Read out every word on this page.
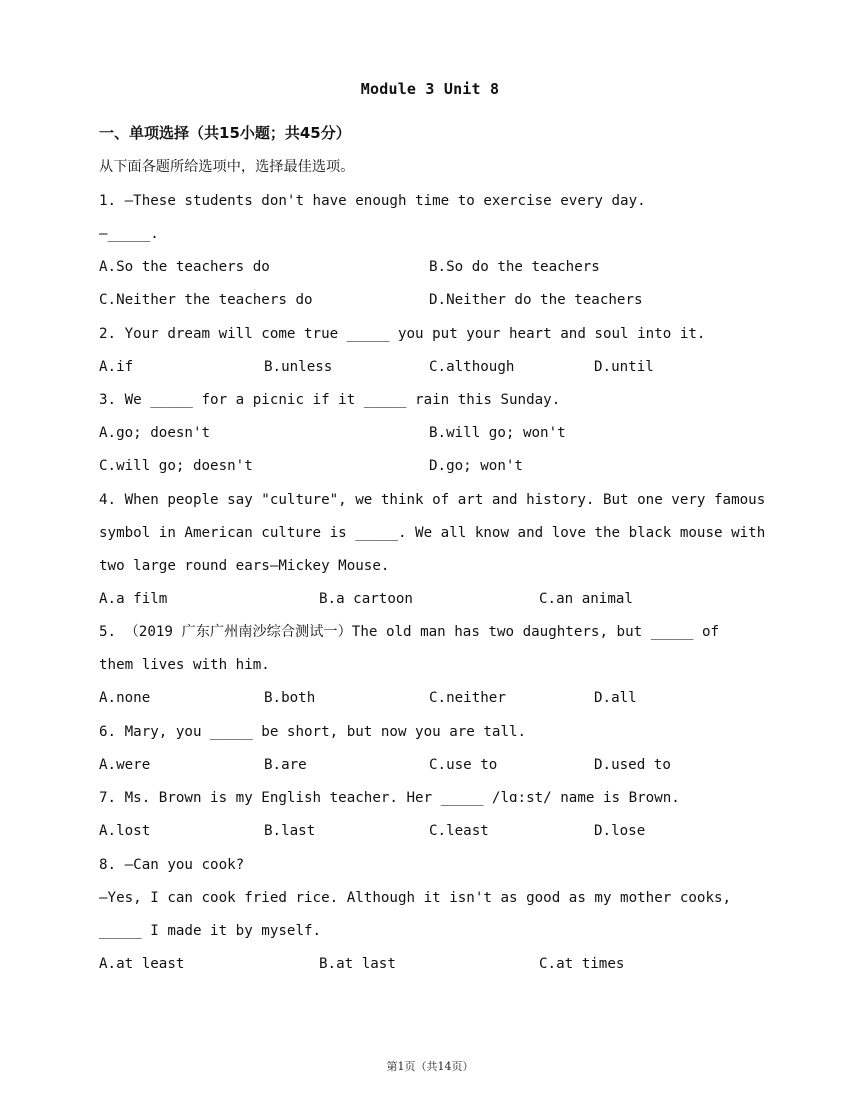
Module 3 Unit 8
一、单项选择（共15小题；共45分）
从下面各题所给选项中，选择最佳选项。
1. —These students don't have enough time to exercise every day.
—_____.
A.So the teachers do	B.So do the teachers
C.Neither the teachers do	D.Neither do the teachers
2. Your dream will come true _____ you put your heart and soul into it.
A.if	B.unless	C.although	D.until
3. We _____ for a picnic if it _____ rain this Sunday.
A.go; doesn't	B.will go; won't
C.will go; doesn't	D.go; won't
4. When people say "culture", we think of art and history. But one very famous
symbol in American culture is _____. We all know and love the black mouse with
two large round ears—Mickey Mouse.
A.a film	B.a cartoon	C.an animal
5. （2019 广东广州南沙综合测试一）The old man has two daughters, but _____ of
them lives with him.
A.none	B.both	C.neither	D.all
6. Mary, you _____ be short, but now you are tall.
A.were	B.are	C.use to	D.used to
7. Ms. Brown is my English teacher. Her _____ /lɑ:st/ name is Brown.
A.lost	B.last	C.least	D.lose
8. —Can you cook?
—Yes, I can cook fried rice. Although it isn't as good as my mother cooks,
_____ I made it by myself.
A.at least	B.at last	C.at times
第1页（共14页）
